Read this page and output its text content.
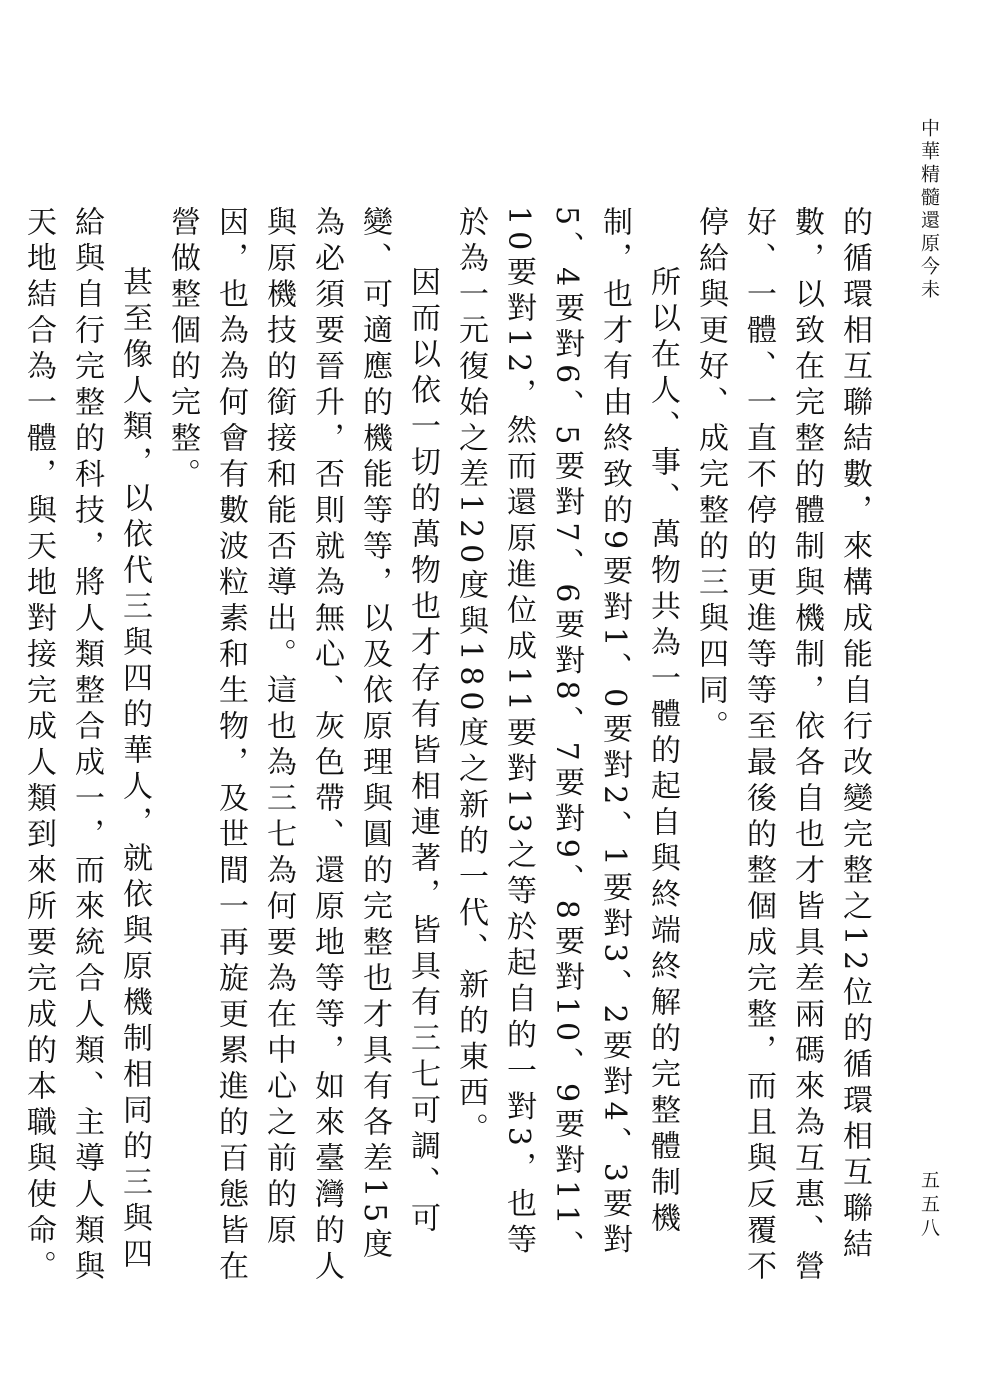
中華精髓還原今未

的循環相互聯結數，來構成能自行改變完整之12位的循環相互聯結數，以致在完整的體制與機制，依各自也才皆具差兩碼來為互惠、營好、一體、一直不停的更進等等至最後的整個成完整，而且與反覆不停給與更好、成完整的三與四同。

所以在人、事、萬物共為一體的起自與終端終解的完整體制機制，也才有由終致的9要對1、0要對2、1要對3、2要對4、3要對5、4要對6、5要對7、6要對8、7要對9、8要對10、9要對11、10要對12，然而還原進位成11要對13之等於起自的一對3，也等於為一元復始之差120度與180度之新的一代、新的東西。

因而以依一切的萬物也才存有皆相連著，皆具有三七可調、可變、可適應的機能等等，以及依原理與圓的完整也才具有各差15度為必須要晉升，否則就為無心、灰色帶、還原地等等，如來臺灣的人與原機技的銜接和能否導出。這也為三七為何要為在中心之前的原因，也為為何會有數波粒素和生物，及世間一再旋更累進的百態皆在營做整個的完整。

甚至像人類，以依代三與四的華人，就依與原機制相同的三與四給與自行完整的科技，將人類整合成一，而來統合人類、主導人類與天地結合為一體，與天地對接完成人類到來所要完成的本職與使命。	五五八
